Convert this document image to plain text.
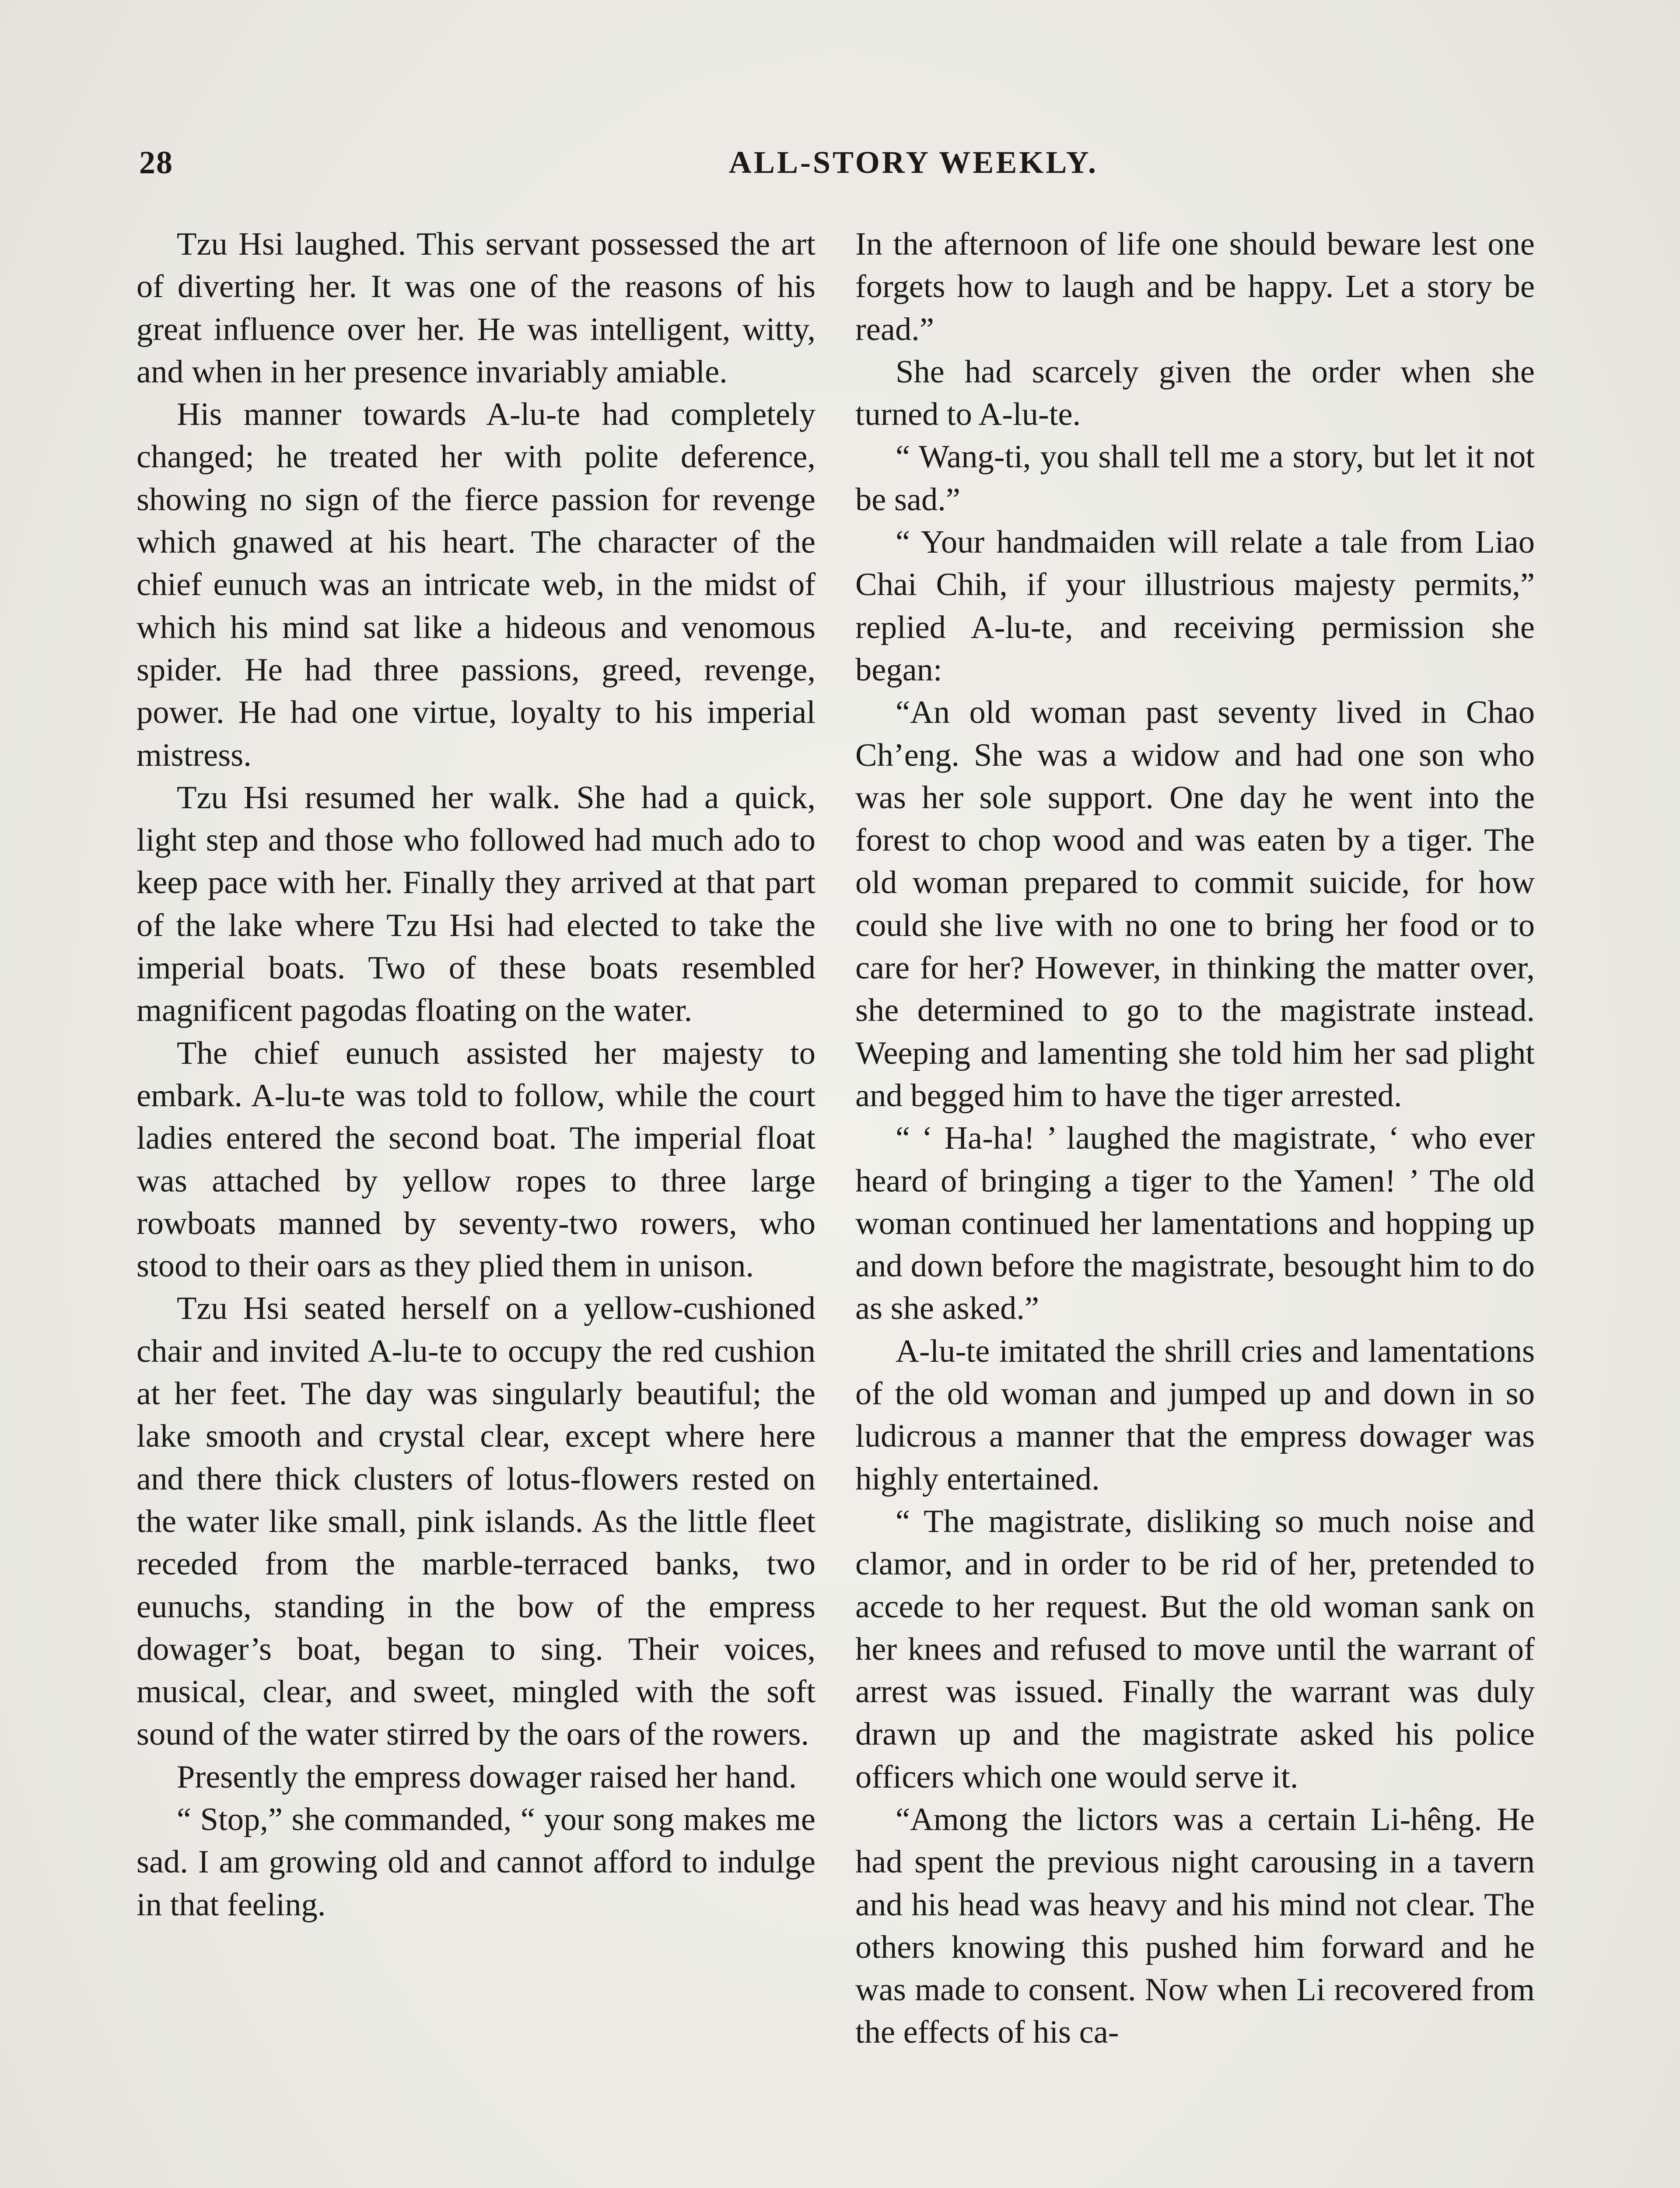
28	ALL-STORY WEEKLY.

Tzu Hsi laughed. This servant possessed the art of diverting her. It was one of the reasons of his great influence over her. He was intelligent, witty, and when in her presence invariably amiable.

His manner towards A-lu-te had completely changed; he treated her with polite deference, showing no sign of the fierce passion for revenge which gnawed at his heart. The character of the chief eunuch was an intricate web, in the midst of which his mind sat like a hideous and venomous spider. He had three passions, greed, revenge, power. He had one virtue, loyalty to his imperial mistress.

Tzu Hsi resumed her walk. She had a quick, light step and those who followed had much ado to keep pace with her. Finally they arrived at that part of the lake where Tzu Hsi had elected to take the imperial boats. Two of these boats resembled magnificent pagodas floating on the water.

The chief eunuch assisted her majesty to embark. A-lu-te was told to follow, while the court ladies entered the second boat. The imperial float was attached by yellow ropes to three large rowboats manned by seventy-two rowers, who stood to their oars as they plied them in unison.

Tzu Hsi seated herself on a yellow-cushioned chair and invited A-lu-te to occupy the red cushion at her feet. The day was singularly beautiful; the lake smooth and crystal clear, except where here and there thick clusters of lotus-flowers rested on the water like small, pink islands. As the little fleet receded from the marble-terraced banks, two eunuchs, standing in the bow of the empress dowager’s boat, began to sing. Their voices, musical, clear, and sweet, mingled with the soft sound of the water stirred by the oars of the rowers.

Presently the empress dowager raised her hand.

“ Stop,” she commanded, “ your song makes me sad. I am growing old and cannot afford to indulge in that feeling.

In the afternoon of life one should beware lest one forgets how to laugh and be happy. Let a story be read.”

She had scarcely given the order when she turned to A-lu-te.

“ Wang-ti, you shall tell me a story, but let it not be sad.”

“ Your handmaiden will relate a tale from Liao Chai Chih, if your illustrious majesty permits,” replied A-lu-te, and receiving permission she began:

“An old woman past seventy lived in Chao Ch’eng. She was a widow and had one son who was her sole support. One day he went into the forest to chop wood and was eaten by a tiger. The old woman prepared to commit suicide, for how could she live with no one to bring her food or to care for her? However, in thinking the matter over, she determined to go to the magistrate instead. Weeping and lamenting she told him her sad plight and begged him to have the tiger arrested.

“ ‘ Ha-ha! ’ laughed the magistrate, ‘ who ever heard of bringing a tiger to the Yamen! ’ The old woman continued her lamentations and hopping up and down before the magistrate, besought him to do as she asked.”

A-lu-te imitated the shrill cries and lamentations of the old woman and jumped up and down in so ludicrous a manner that the empress dowager was highly entertained.

“ The magistrate, disliking so much noise and clamor, and in order to be rid of her, pretended to accede to her request. But the old woman sank on her knees and refused to move until the warrant of arrest was issued. Finally the warrant was duly drawn up and the magistrate asked his police officers which one would serve it.

“Among the lictors was a certain Li-hêng. He had spent the previous night carousing in a tavern and his head was heavy and his mind not clear. The others knowing this pushed him forward and he was made to consent. Now when Li recovered from the effects of his ca-
